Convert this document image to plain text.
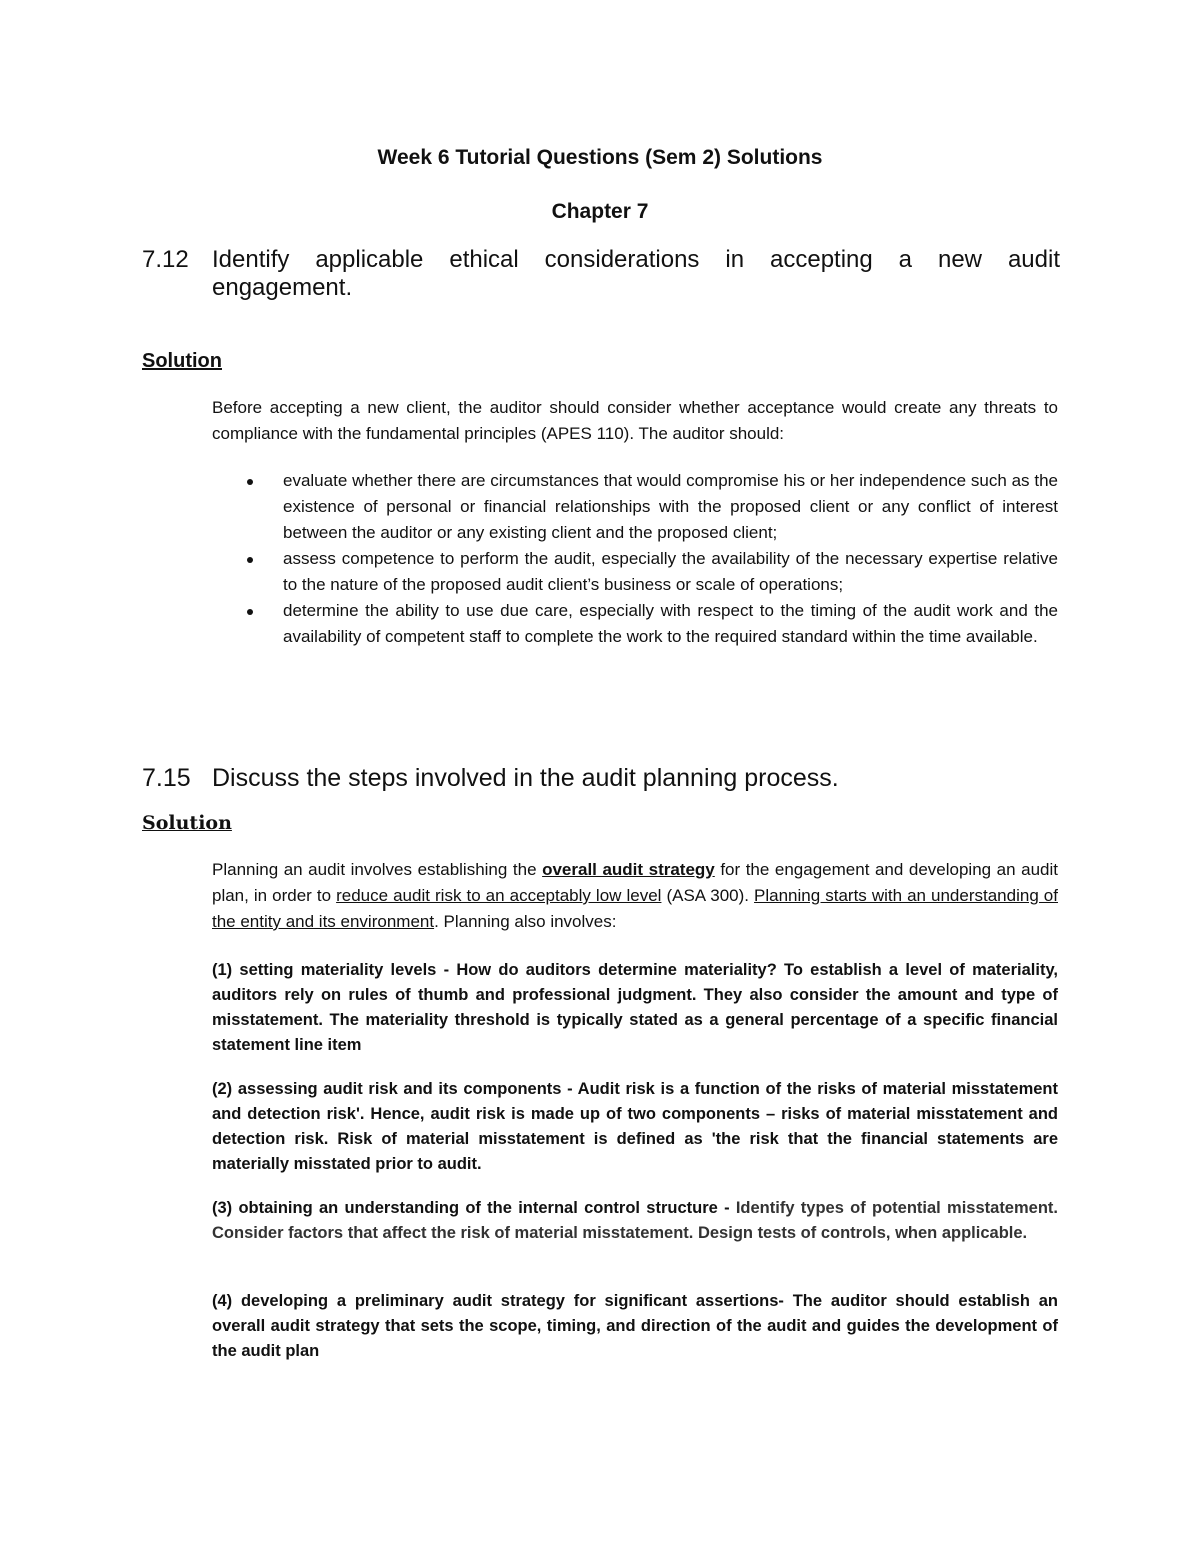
Week 6 Tutorial Questions (Sem 2) Solutions
Chapter 7
7.12 Identify applicable ethical considerations in accepting a new audit
engagement.
Solution
Before accepting a new client, the auditor should consider whether acceptance would create any threats to compliance with the fundamental principles (APES 110). The auditor should:
evaluate whether there are circumstances that would compromise his or her independence such as the existence of personal or financial relationships with the proposed client or any conflict of interest between the auditor or any existing client and the proposed client;
assess competence to perform the audit, especially the availability of the necessary expertise relative to the nature of the proposed audit client’s business or scale of operations;
determine the ability to use due care, especially with respect to the timing of the audit work and the availability of competent staff to complete the work to the required standard within the time available.
7.15 Discuss the steps involved in the audit planning process.
Solution
Planning an audit involves establishing the overall audit strategy for the engagement and developing an audit plan, in order to reduce audit risk to an acceptably low level (ASA 300). Planning starts with an understanding of the entity and its environment. Planning also involves:
(1) setting materiality levels - How do auditors determine materiality? To establish a level of materiality, auditors rely on rules of thumb and professional judgment. They also consider the amount and type of misstatement. The materiality threshold is typically stated as a general percentage of a specific financial statement line item
(2) assessing audit risk and its components - Audit risk is a function of the risks of material misstatement and detection risk'. Hence, audit risk is made up of two components – risks of material misstatement and detection risk. Risk of material misstatement is defined as 'the risk that the financial statements are materially misstated prior to audit.
(3) obtaining an understanding of the internal control structure - Identify types of potential misstatement. Consider factors that affect the risk of material misstatement. Design tests of controls, when applicable.
(4) developing a preliminary audit strategy for significant assertions- The auditor should establish an overall audit strategy that sets the scope, timing, and direction of the audit and guides the development of the audit plan
